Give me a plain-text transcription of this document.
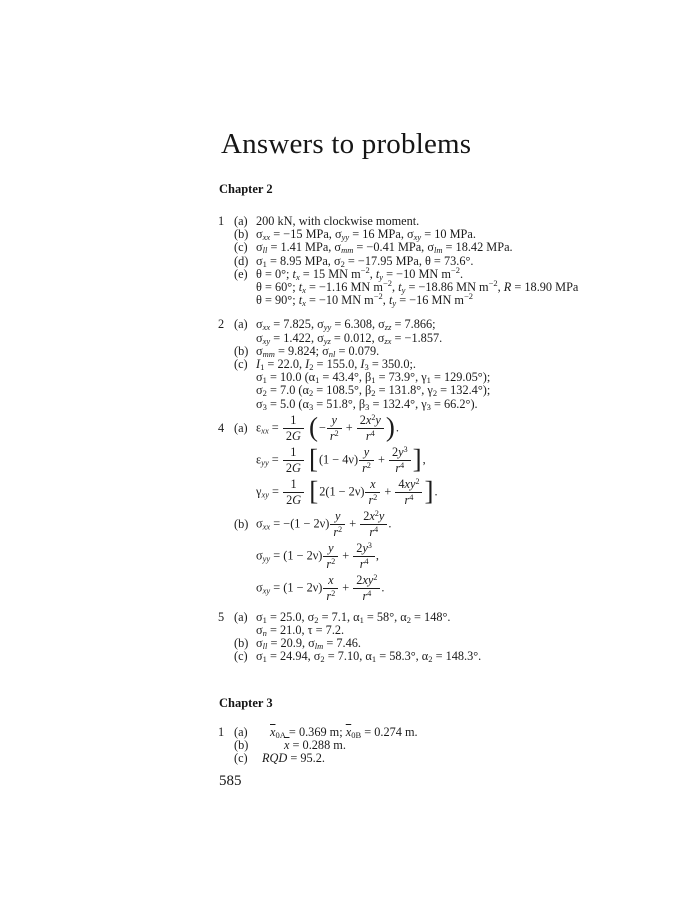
Answers to problems
Chapter 2
1 (a) 200 kN, with clockwise moment.
(b) $\sigma_{xx} = -15$ MPa, $\sigma_{yy} = 16$ MPa, $\sigma_{xy} = 10$ MPa.
(c) $\sigma_{ll} = 1.41$ MPa, $\sigma_{mm} = -0.41$ MPa, $\sigma_{lm} = 18.42$ MPa.
(d) $\sigma_1 = 8.95$ MPa, $\sigma_2 = -17.95$ MPa, θ = 73.6°.
(e) θ = 0°; $t_x = 15$ MN $m^{-2}$, $t_y = -10$ MN $m^{-2}$.
θ = 60°; $t_x = -1.16$ MN $m^{-2}$, $t_y = -18.86$ MN $m^{-2}$, R = 18.90 MPa
θ = 90°; $t_x = -10$ MN $m^{-2}$, $t_y = -16$ MN $m^{-2}$
2 (a) $\sigma_{xx} = 7.825$, $\sigma_{yy} = 6.308$, $\sigma_{zz} = 7.866$;
$\sigma_{xy} = 1.422$, $\sigma_{yz} = 0.012$, $\sigma_{zx} = -1.857$.
(b) $\sigma_{mm} = 9.824$; $\sigma_{nl} = 0.079$.
(c) $I_1 = 22.0$, $I_2 = 155.0$, $I_3 = 350.0$;.
$\sigma_1 = 10.0$ ($\alpha_1 = 43.4^\circ$, $\beta_1 = 73.9^\circ$, $\gamma_1 = 129.05^\circ$);
$\sigma_2 = 7.0$ ($\alpha_2 = 108.5^\circ$, $\beta_2 = 131.8^\circ$, $\gamma_2 = 132.4^\circ$);
$\sigma_3 = 5.0$ ($\alpha_3 = 51.8^\circ$, $\beta_3 = 132.4^\circ$, $\gamma_3 = 66.2^\circ$).
4 (a) $\varepsilon_{xx} = \frac{1}{2G}$ (− $\frac{y}{r^2} + \frac{2x^2y}{r^4}$ ).
$\varepsilon_{yy} = \frac{1}{2G} [(1 - 4\nu) \frac{y}{r^2} + \frac{2y^3}{r^4}$ ],
$\gamma_{xy} = \frac{1}{2G} [2(1 - 2\nu) \frac{x}{r^2} + \frac{4xy^2}{r^4}$ ].
(b) $\sigma_{xx} = -(1 - 2\nu) \frac{y}{r^2} + \frac{2x^2y}{r^4}$ .
$\sigma_{yy} = (1 - 2\nu) \frac{y}{r^2} + \frac{2y^3}{r^4}$ ,
$\sigma_{xy} = (1 - 2\nu) \frac{x}{r^2} + \frac{2xy^2}{r^4}$ .
5 (a) $\sigma_1 = 25.0$, $\sigma_2 = 7.1$, $\alpha_1 = 58^\circ$, $\alpha_2 = 148^\circ$.
$\sigma_n = 21.0$, τ = 7.2.
(b) $\sigma_{ll} = 20.9$, $\sigma_{lm} = 7.46$.
(c) $\sigma_1 = 24.94$, $\sigma_2 = 7.10$, $\alpha_1 = 58.3^\circ$, $\alpha_2 = 148.3^\circ$.
Chapter 3
1 (a)	$\overline{x}_{0A} = 0.369$ m; $\overline{x}_{0B} = 0.274$ m.
(b)	$\overline{x} = 0.288$ m.
(c)	RQD = 95.2.
585
